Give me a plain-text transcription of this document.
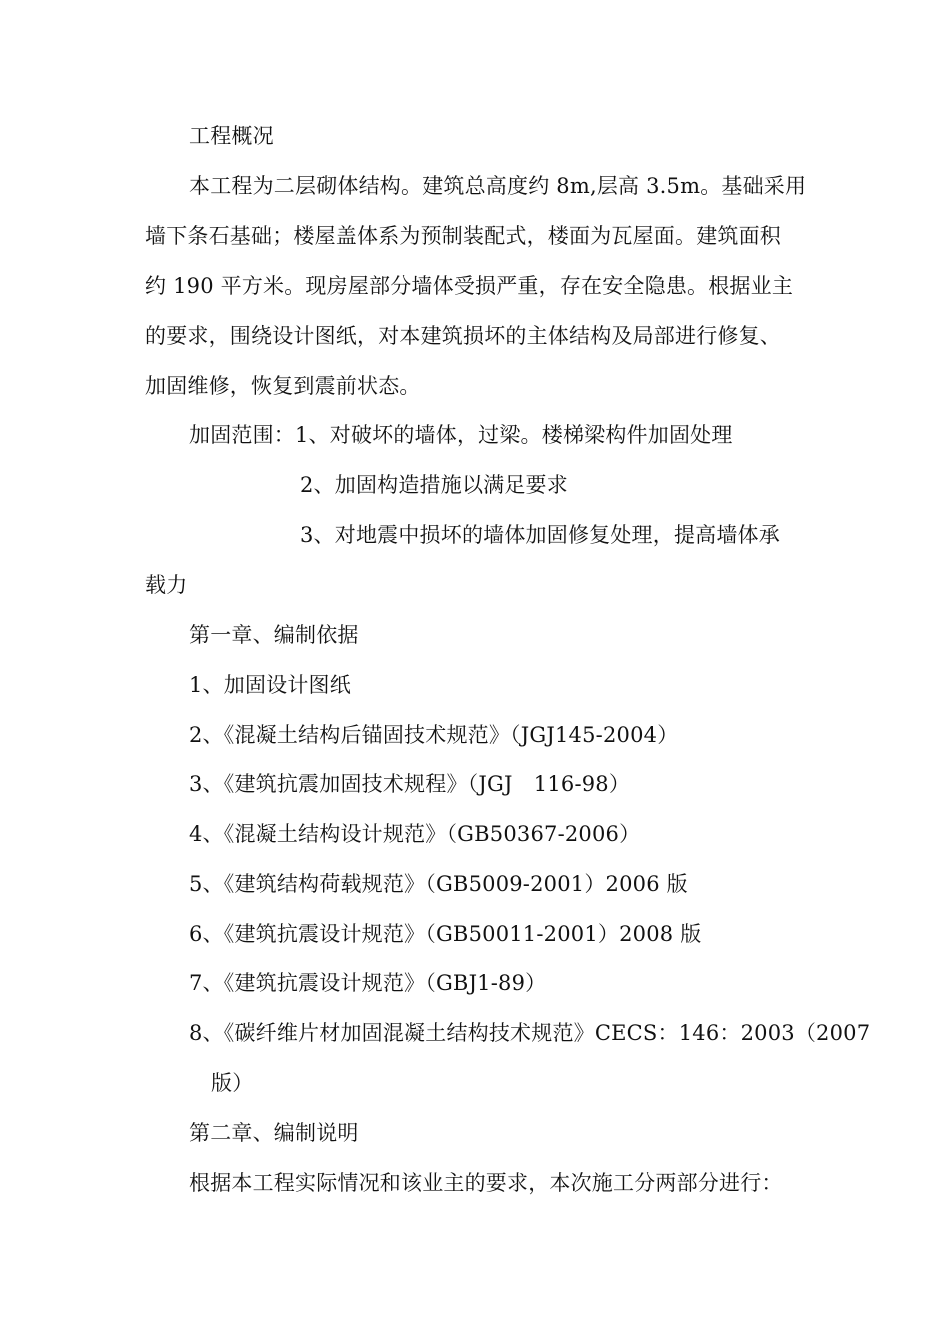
工程概况
本工程为二层砌体结构。建筑总高度约 8m,层高 3.5m。基础采用
墙下条石基础；楼屋盖体系为预制装配式，楼面为瓦屋面。建筑面积
约 190 平方米。现房屋部分墙体受损严重，存在安全隐患。根据业主
的要求，围绕设计图纸，对本建筑损坏的主体结构及局部进行修复、
加固维修，恢复到震前状态。
加固范围：1、对破坏的墙体，过梁。楼梯梁构件加固处理
2、加固构造措施以满足要求
3、对地震中损坏的墙体加固修复处理，提高墙体承
载力
第一章、编制依据
1、加固设计图纸
2、《混凝土结构后锚固技术规范》（JGJ145-2004）
3、《建筑抗震加固技术规程》（JGJ　116-98）
4、《混凝土结构设计规范》（GB50367-2006）
5、《建筑结构荷载规范》（GB5009-2001）2006 版
6、《建筑抗震设计规范》（GB50011-2001）2008 版
7、《建筑抗震设计规范》（GBJ1-89）
8、《碳纤维片材加固混凝土结构技术规范》CECS：146：2003（2007
版）
第二章、编制说明
根据本工程实际情况和该业主的要求，本次施工分两部分进行：
